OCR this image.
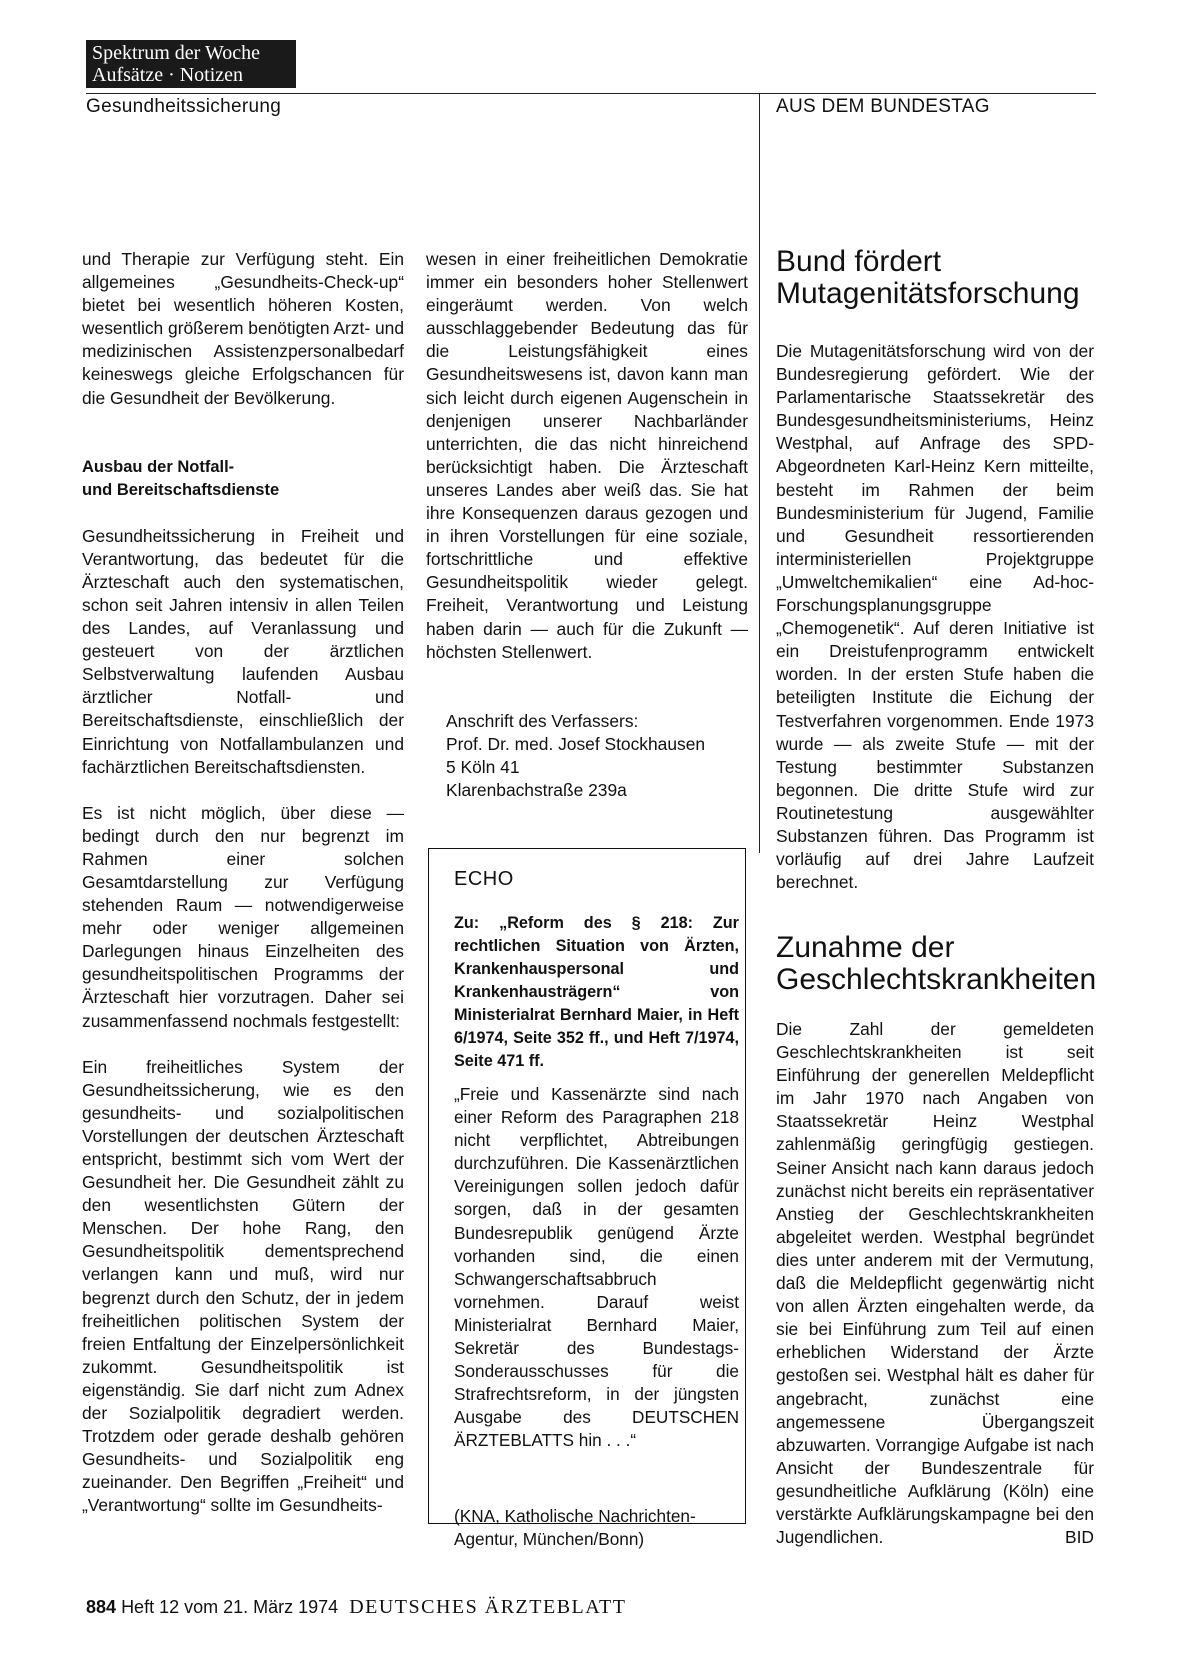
Spektrum der Woche
Aufsätze · Notizen
Gesundheitssicherung	AUS DEM BUNDESTAG

und Therapie zur Verfügung steht. Ein allgemeines „Gesundheits-Check-up“ bietet bei wesentlich höheren Kosten, wesentlich größerem benötigten Arzt- und medizinischen Assistenzpersonalbedarf keineswegs gleiche Erfolgschancen für die Gesundheit der Bevölkerung.

Ausbau der Notfall-
und Bereitschaftsdienste

Gesundheitssicherung in Freiheit und Verantwortung, das bedeutet für die Ärzteschaft auch den systematischen, schon seit Jahren intensiv in allen Teilen des Landes, auf Veranlassung und gesteuert von der ärztlichen Selbstverwaltung laufenden Ausbau ärztlicher Notfall- und Bereitschaftsdienste, einschließlich der Einrichtung von Notfallambulanzen und fachärztlichen Bereitschaftsdiensten.

Es ist nicht möglich, über diese — bedingt durch den nur begrenzt im Rahmen einer solchen Gesamtdarstellung zur Verfügung stehenden Raum — notwendigerweise mehr oder weniger allgemeinen Darlegungen hinaus Einzelheiten des gesundheitspolitischen Programms der Ärzteschaft hier vorzutragen. Daher sei zusammenfassend nochmals festgestellt:

Ein freiheitliches System der Gesundheitssicherung, wie es den gesundheits- und sozialpolitischen Vorstellungen der deutschen Ärzteschaft entspricht, bestimmt sich vom Wert der Gesundheit her. Die Gesundheit zählt zu den wesentlichsten Gütern der Menschen. Der hohe Rang, den Gesundheitspolitik dementsprechend verlangen kann und muß, wird nur begrenzt durch den Schutz, der in jedem freiheitlichen politischen System der freien Entfaltung der Einzelpersönlichkeit zukommt. Gesundheitspolitik ist eigenständig. Sie darf nicht zum Adnex der Sozialpolitik degradiert werden. Trotzdem oder gerade deshalb gehören Gesundheits- und Sozialpolitik eng zueinander. Den Begriffen „Freiheit“ und „Verantwortung“ sollte im Gesundheits-

wesen in einer freiheitlichen Demokratie immer ein besonders hoher Stellenwert eingeräumt werden. Von welch ausschlaggebender Bedeutung das für die Leistungsfähigkeit eines Gesundheitswesens ist, davon kann man sich leicht durch eigenen Augenschein in denjenigen unserer Nachbarländer unterrichten, die das nicht hinreichend berücksichtigt haben. Die Ärzteschaft unseres Landes aber weiß das. Sie hat ihre Konsequenzen daraus gezogen und in ihren Vorstellungen für eine soziale, fortschrittliche und effektive Gesundheitspolitik wieder gelegt. Freiheit, Verantwortung und Leistung haben darin — auch für die Zukunft — höchsten Stellenwert.

Anschrift des Verfassers:
Prof. Dr. med. Josef Stockhausen
5 Köln 41
Klarenbachstraße 239a
ECHO
Zu: „Reform des § 218: Zur rechtlichen Situation von Ärzten, Krankenhauspersonal und Krankenhausträgern“ von Ministerialrat Bernhard Maier, in Heft 6/1974, Seite 352 ff., und Heft 7/1974, Seite 471 ff.
„Freie und Kassenärzte sind nach einer Reform des Paragraphen 218 nicht verpflichtet, Abtreibungen durchzuführen. Die Kassenärztlichen Vereinigungen sollen jedoch dafür sorgen, daß in der gesamten Bundesrepublik genügend Ärzte vorhanden sind, die einen Schwangerschaftsabbruch vornehmen. Darauf weist Ministerialrat Bernhard Maier, Sekretär des Bundestags-Sonderausschusses für die Strafrechtsreform, in der jüngsten Ausgabe des DEUTSCHEN ÄRZTEBLATTS hin . . .“
(KNA, Katholische Nachrichten-Agentur, München/Bonn)
Bund fördert
Mutagenitätsforschung

Die Mutagenitätsforschung wird von der Bundesregierung gefördert. Wie der Parlamentarische Staatssekretär des Bundesgesundheitsministeriums, Heinz Westphal, auf Anfrage des SPD-Abgeordneten Karl-Heinz Kern mitteilte, besteht im Rahmen der beim Bundesministerium für Jugend, Familie und Gesundheit ressortierenden interministeriellen Projektgruppe „Umweltchemikalien“ eine Ad-hoc-Forschungsplanungsgruppe „Chemogenetik“. Auf deren Initiative ist ein Dreistufenprogramm entwickelt worden. In der ersten Stufe haben die beteiligten Institute die Eichung der Testverfahren vorgenommen. Ende 1973 wurde — als zweite Stufe — mit der Testung bestimmter Substanzen begonnen. Die dritte Stufe wird zur Routinetestung ausgewählter Substanzen führen. Das Programm ist vorläufig auf drei Jahre Laufzeit berechnet.

Zunahme der
Geschlechtskrankheiten

Die Zahl der gemeldeten Geschlechtskrankheiten ist seit Einführung der generellen Meldepflicht im Jahr 1970 nach Angaben von Staatssekretär Heinz Westphal zahlenmäßig geringfügig gestiegen. Seiner Ansicht nach kann daraus jedoch zunächst nicht bereits ein repräsentativer Anstieg der Geschlechtskrankheiten abgeleitet werden. Westphal begründet dies unter anderem mit der Vermutung, daß die Meldepflicht gegenwärtig nicht von allen Ärzten eingehalten werde, da sie bei Einführung zum Teil auf einen erheblichen Widerstand der Ärzte gestoßen sei. Westphal hält es daher für angebracht, zunächst eine angemessene Übergangszeit abzuwarten. Vorrangige Aufgabe ist nach Ansicht der Bundeszentrale für gesundheitliche Aufklärung (Köln) eine verstärkte Aufklärungskampagne bei den Jugendlichen.	BID

884 Heft 12 vom 21. März 1974 DEUTSCHES ÄRZTEBLATT
